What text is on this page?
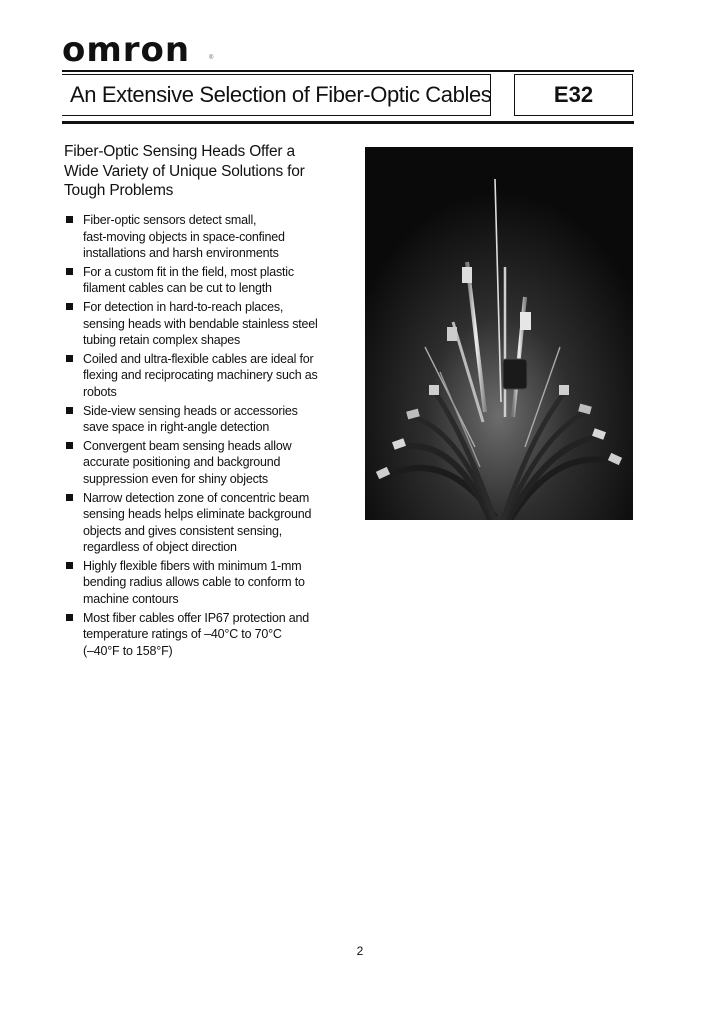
omron	®
An Extensive Selection of Fiber-Optic Cables	E32
Fiber-Optic Sensing Heads Offer a
Wide Variety of Unique Solutions for
Tough Problems
Fiber-optic sensors detect small,
fast-moving objects in space-confined
installations and harsh environments
For a custom fit in the field, most plastic
filament cables can be cut to length
For detection in hard-to-reach places,
sensing heads with bendable stainless steel
tubing retain complex shapes
Coiled and ultra-flexible cables are ideal for
flexing and reciprocating machinery such as
robots
Side-view sensing heads or accessories
save space in right-angle detection
Convergent beam sensing heads allow
accurate positioning and background
suppression even for shiny objects
Narrow detection zone of concentric beam
sensing heads helps eliminate background
objects and gives consistent sensing,
regardless of object direction
Highly flexible fibers with minimum 1-mm
bending radius allows cable to conform to
machine contours
Most fiber cables offer IP67 protection and
temperature ratings of –40°C to 70°C
(–40°F to 158°F)
2
